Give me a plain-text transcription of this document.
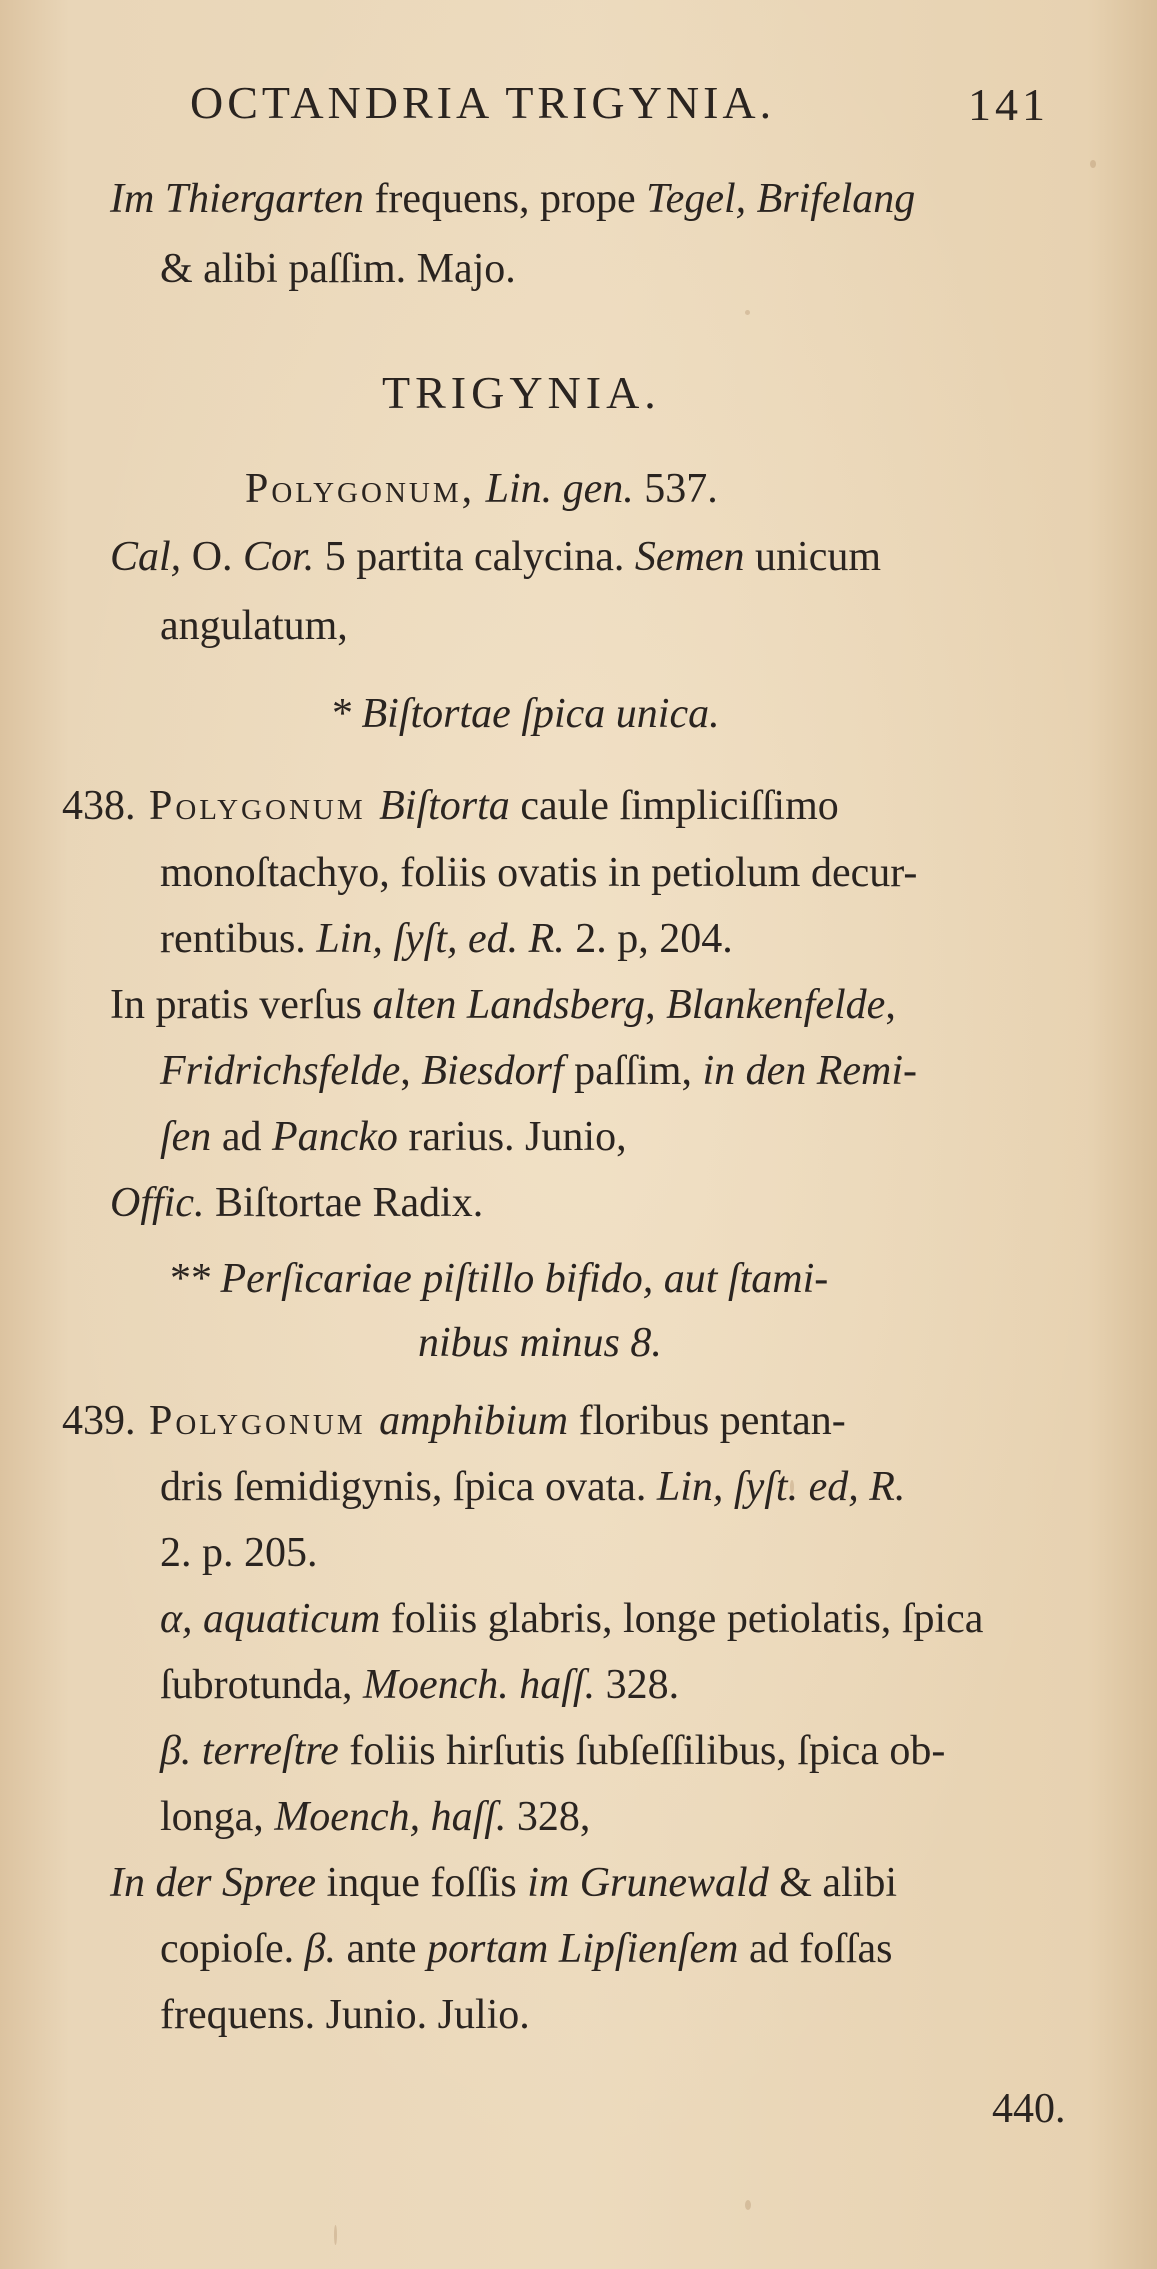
OCTANDRIA TRIGYNIA.	141
Im Thiergarten frequens, prope Tegel, Brifelang
& alibi paſſim. Majo.
TRIGYNIA.
Polygonum, Lin. gen. 537.
Cal, O. Cor. 5 partita calycina. Semen unicum
angulatum,
* Biſtortae ſpica unica.
438. Polygonum Biſtorta caule ſimpliciſſimo
monoſtachyo, foliis ovatis in petiolum decur-
rentibus. Lin, ſyſt, ed. R. 2. p, 204.
In pratis verſus alten Landsberg, Blankenfelde,
Fridrichsfelde, Biesdorf paſſim, in den Remi-
ſen ad Pancko rarius. Junio,
Offic. Biſtortae Radix.
** Perſicariae piſtillo bifido, aut ſtami-
nibus minus 8.
439. Polygonum amphibium floribus pentan-
dris ſemidigynis, ſpica ovata. Lin, ſyſt. ed, R.
2. p. 205.
α, aquaticum foliis glabris, longe petiolatis, ſpica
ſubrotunda, Moench. haſſ. 328.
β. terreſtre foliis hirſutis ſubſeſſilibus, ſpica ob-
longa, Moench, haſſ. 328,
In der Spree inque foſſis im Grunewald & alibi
copioſe. β. ante portam Lipſienſem ad foſſas
frequens. Junio. Julio.
440.
